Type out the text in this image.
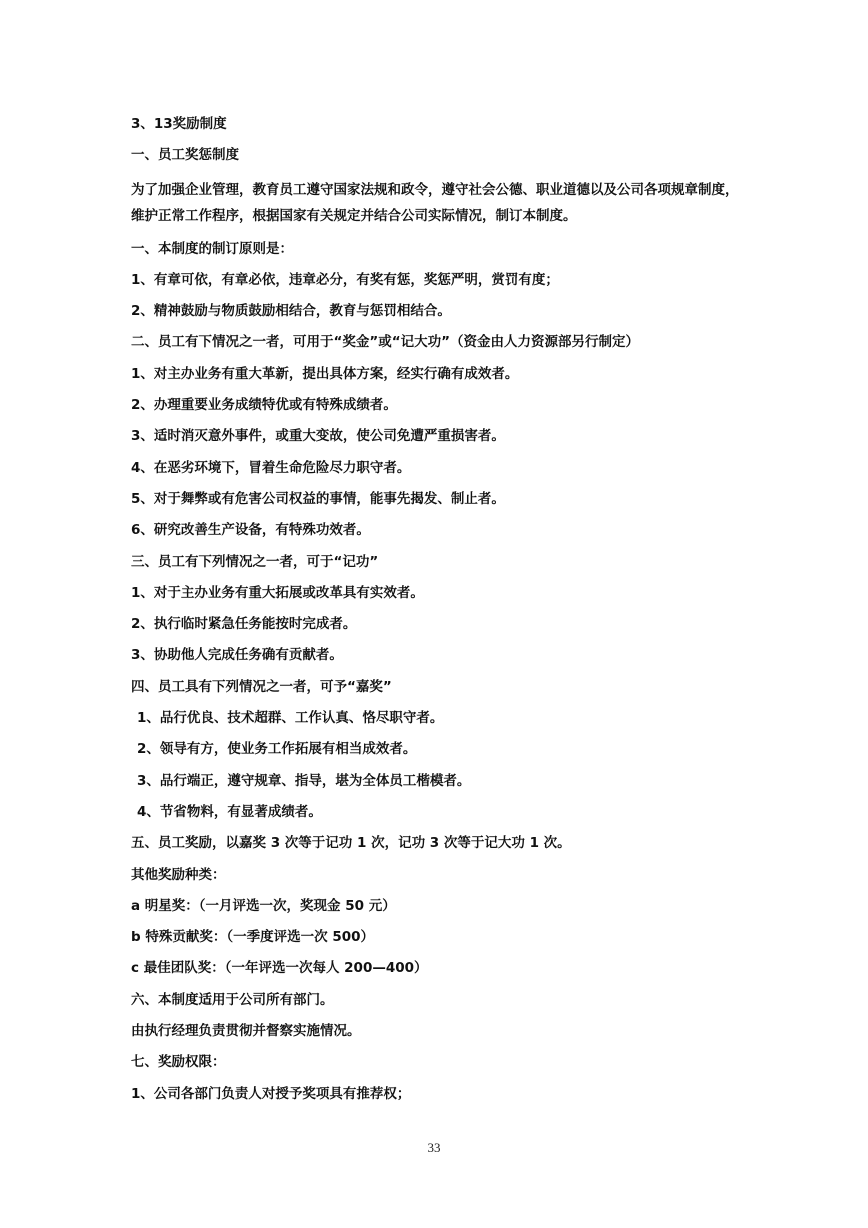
3、13奖励制度
一、员工奖惩制度
为了加强企业管理，教育员工遵守国家法规和政令，遵守社会公德、职业道德以及公司各项规章制度，维护正常工作程序，根据国家有关规定并结合公司实际情况，制订本制度。
一、本制度的制订原则是：
1、有章可依，有章必依，违章必分，有奖有惩，奖惩严明，赏罚有度；
2、精神鼓励与物质鼓励相结合，教育与惩罚相结合。
二、员工有下情况之一者，可用于“奖金”或“记大功”（资金由人力资源部另行制定）
1、对主办业务有重大革新，提出具体方案，经实行确有成效者。
2、办理重要业务成绩特优或有特殊成绩者。
3、适时消灭意外事件，或重大变故，使公司免遭严重损害者。
4、在恶劣环境下，冒着生命危险尽力职守者。
5、对于舞弊或有危害公司权益的事情，能事先揭发、制止者。
6、研究改善生产设备，有特殊功效者。
三、员工有下列情况之一者，可于“记功”
1、对于主办业务有重大拓展或改革具有实效者。
2、执行临时紧急任务能按时完成者。
3、协助他人完成任务确有贡献者。
四、员工具有下列情况之一者，可予“嘉奖”
1、品行优良、技术超群、工作认真、恪尽职守者。
2、领导有方，使业务工作拓展有相当成效者。
3、品行端正，遵守规章、指导，堪为全体员工楷模者。
4、节省物料，有显著成绩者。
五、员工奖励，以嘉奖 3 次等于记功 1 次，记功 3 次等于记大功 1 次。
其他奖励种类：
a 明星奖：（一月评选一次，奖现金 50 元）
b 特殊贡献奖：（一季度评选一次 500）
c 最佳团队奖：（一年评选一次每人 200—400）
六、本制度适用于公司所有部门。
由执行经理负责贯彻并督察实施情况。
七、奖励权限：
1、公司各部门负责人对授予奖项具有推荐权；
33
